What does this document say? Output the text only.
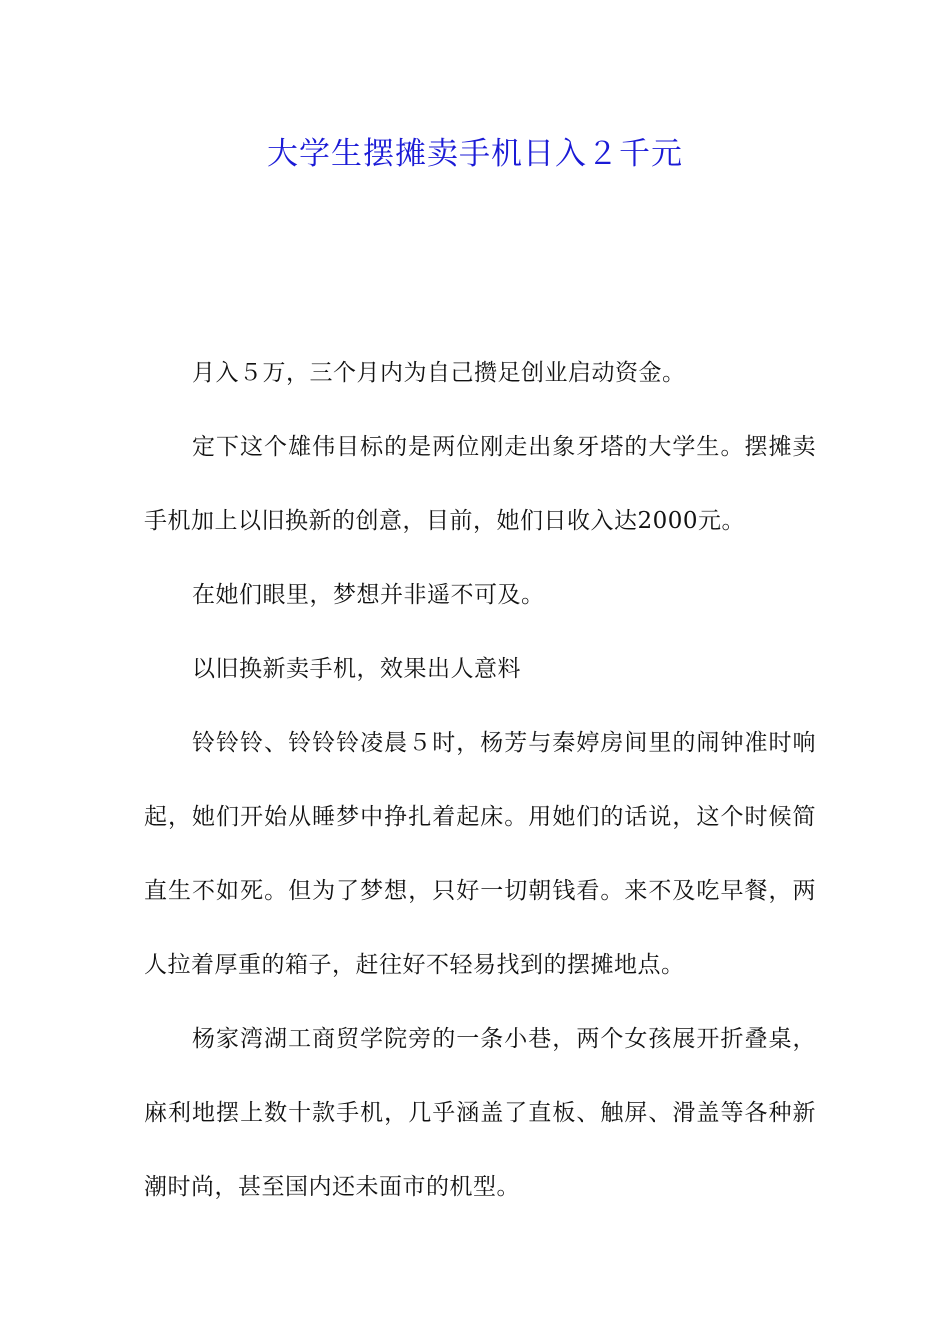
大学生摆摊卖手机日入２千元

月入５万，三个月内为自己攒足创业启动资金。

定下这个雄伟目标的是两位刚走出象牙塔的大学生。摆摊卖手机加上以旧换新的创意，目前，她们日收入达2000元。

在她们眼里，梦想并非遥不可及。

以旧换新卖手机，效果出人意料

铃铃铃、铃铃铃凌晨５时，杨芳与秦婷房间里的闹钟准时响起，她们开始从睡梦中挣扎着起床。用她们的话说，这个时候简直生不如死。但为了梦想，只好一切朝钱看。来不及吃早餐，两人拉着厚重的箱子，赶往好不轻易找到的摆摊地点。

杨家湾湖工商贸学院旁的一条小巷，两个女孩展开折叠桌，麻利地摆上数十款手机，几乎涵盖了直板、触屏、滑盖等各种新潮时尚，甚至国内还未面市的机型。
